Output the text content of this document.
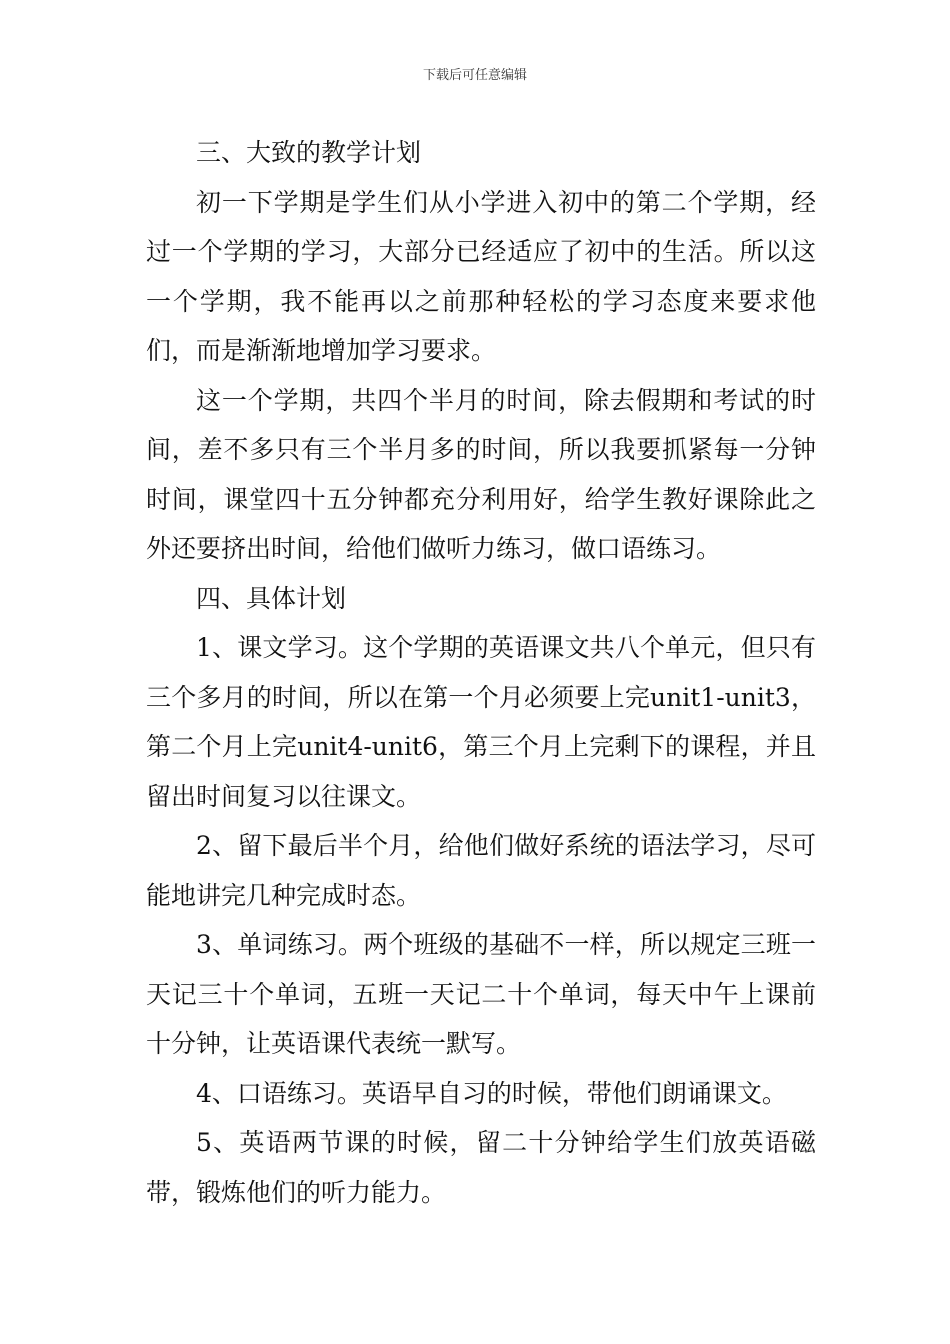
下载后可任意编辑

三、大致的教学计划

初一下学期是学生们从小学进入初中的第二个学期，经过一个学期的学习，大部分已经适应了初中的生活。所以这一个学期，我不能再以之前那种轻松的学习态度来要求他们，而是渐渐地增加学习要求。

这一个学期，共四个半月的时间，除去假期和考试的时间，差不多只有三个半月多的时间，所以我要抓紧每一分钟时间，课堂四十五分钟都充分利用好，给学生教好课除此之外还要挤出时间，给他们做听力练习，做口语练习。

四、具体计划

1、课文学习。这个学期的英语课文共八个单元，但只有三个多月的时间，所以在第一个月必须要上完unit1-unit3，第二个月上完unit4-unit6，第三个月上完剩下的课程，并且留出时间复习以往课文。

2、留下最后半个月，给他们做好系统的语法学习，尽可能地讲完几种完成时态。

3、单词练习。两个班级的基础不一样，所以规定三班一天记三十个单词，五班一天记二十个单词，每天中午上课前十分钟，让英语课代表统一默写。

4、口语练习。英语早自习的时候，带他们朗诵课文。

5、英语两节课的时候，留二十分钟给学生们放英语磁带，锻炼他们的听力能力。
